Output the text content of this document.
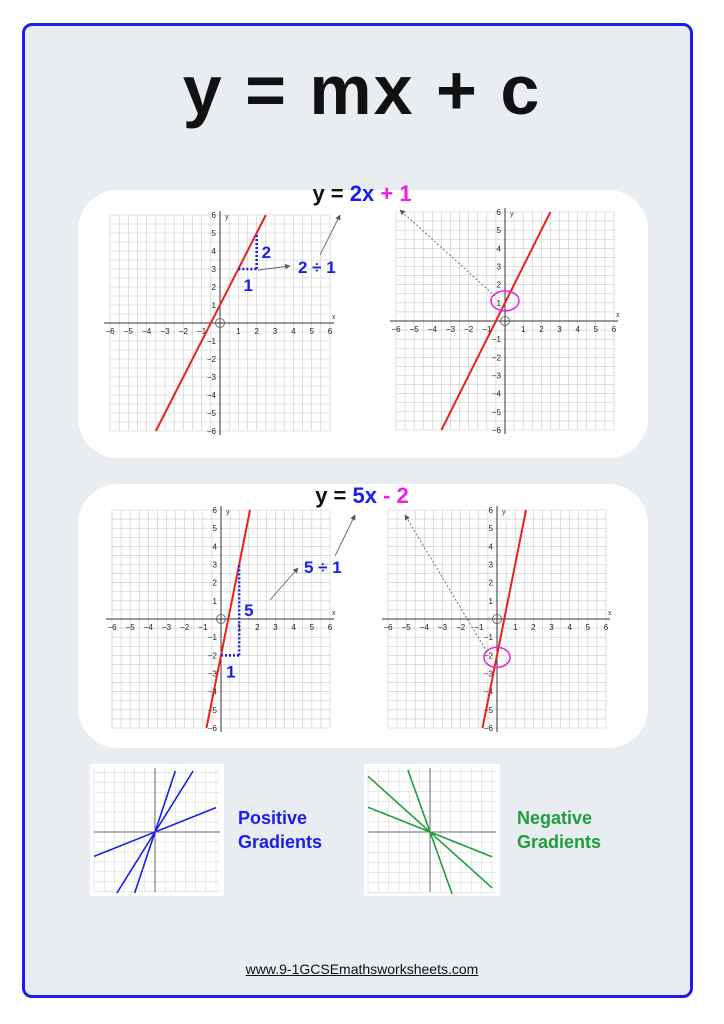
y = mx + c
y = 2x + 1
y = 5x - 2
−6
−6
−5
−5
−4
−4
−3
−3
−2
−2
−1
−1
1
1
2
2
3
3
4
4
5
5
6
6
x
y
2
1
2 ÷ 1
−6
−6
−5
−5
−4
−4
−3
−3
−2
−2
−1
−1
1
1
2
2
3
3
4
4
5
5
6
6
x
y
−6
−6
−5
−5
−4
−4
−3
−3
−2
−2
−1
−1
1
1
2
2
3
3
4
4
5
5
6
6
x
y
5
1
5 ÷ 1
−6
−6
−5
−5
−4
−4
−3
−3
−2
−2
−1
−1
1
1
2
2
3
3
4
4
5
5
6
6
x
y
Positive
Gradients
Negative
Gradients
www.9-1GCSEmathsworksheets.com
